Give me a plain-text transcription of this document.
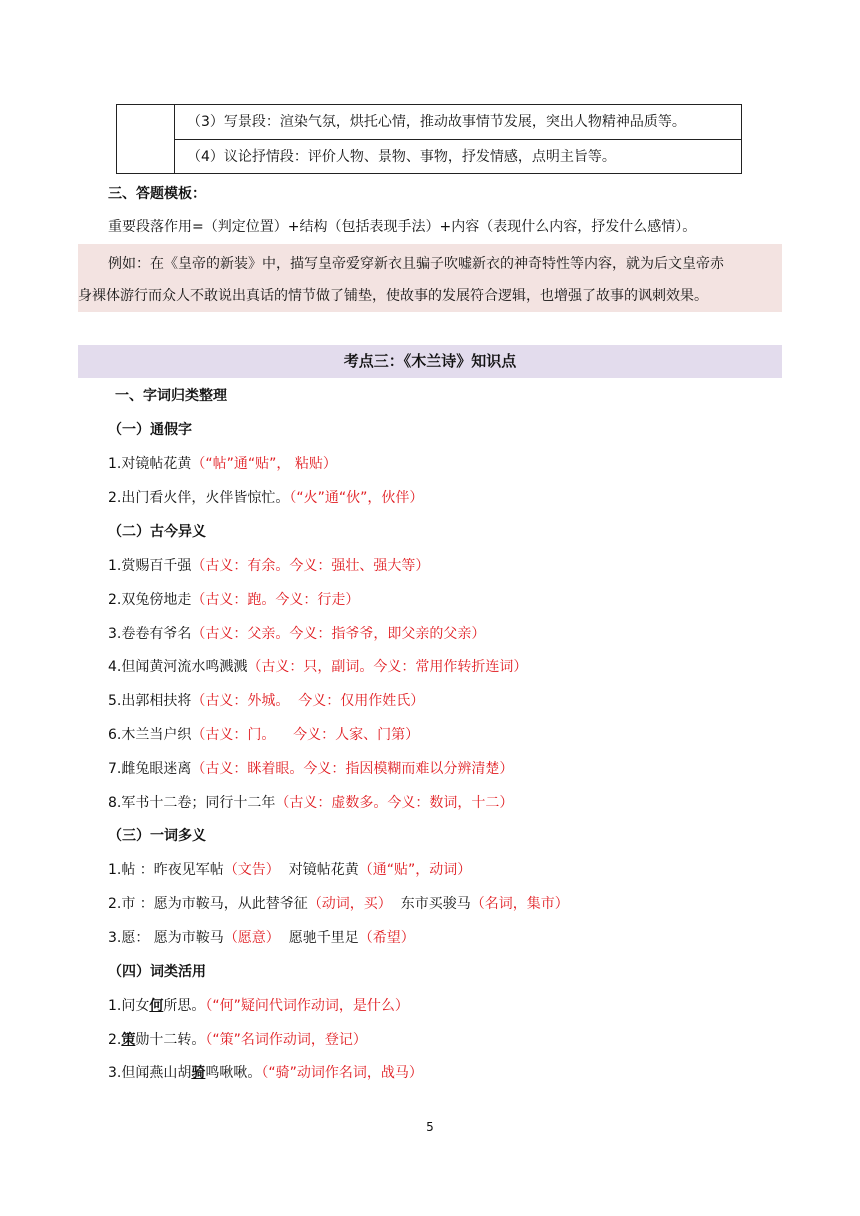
（3）写景段：渲染气氛，烘托心情，推动故事情节发展，突出人物精神品质等。
（4）议论抒情段：评价人物、景物、事物，抒发情感，点明主旨等。
三、答题模板：
重要段落作用=（判定位置）+结构（包括表现手法）+内容（表现什么内容，抒发什么感情）。

例如：在《皇帝的新装》中，描写皇帝爱穿新衣且骗子吹嘘新衣的神奇特性等内容，就为后文皇帝赤

身裸体游行而众人不敢说出真话的情节做了铺垫，使故事的发展符合逻辑，也增强了故事的讽刺效果。

考点三：《木兰诗》知识点
一、字词归类整理
（一）通假字
1.对镜帖花黄（“帖”通“贴”， 粘贴）
2.出门看火伴，火伴皆惊忙。（“火”通“伙”，伙伴）
（二）古今异义
1.赏赐百千强（古义：有余。今义：强壮、强大等）
2.双兔傍地走（古义：跑。今义：行走）
3.卷卷有爷名（古义：父亲。今义：指爷爷，即父亲的父亲）
4.但闻黄河流水鸣溅溅（古义：只，副词。今义：常用作转折连词）
5.出郭相扶将（古义：外城。  今义：仅用作姓氏）
6.木兰当户织（古义：门。    今义：人家、门第）
7.雌兔眼迷离（古义：眯着眼。今义：指因模糊而难以分辨清楚）
8.军书十二卷；同行十二年（古义：虚数多。今义：数词，十二）
（三）一词多义
1.帖 ：昨夜见军帖（文告）  对镜帖花黄（通“贴”，动词）
2.市 ：愿为市鞍马，从此替爷征（动词，买）  东市买骏马（名词，集市）
3.愿： 愿为市鞍马（愿意）  愿驰千里足（希望）
（四）词类活用
1.问女何所思。（“何”疑问代词作动词，是什么）
2.策勋十二转。（“策”名词作动词，登记）
3.但闻燕山胡骑鸣啾啾。（“骑”动词作名词，战马）
5
